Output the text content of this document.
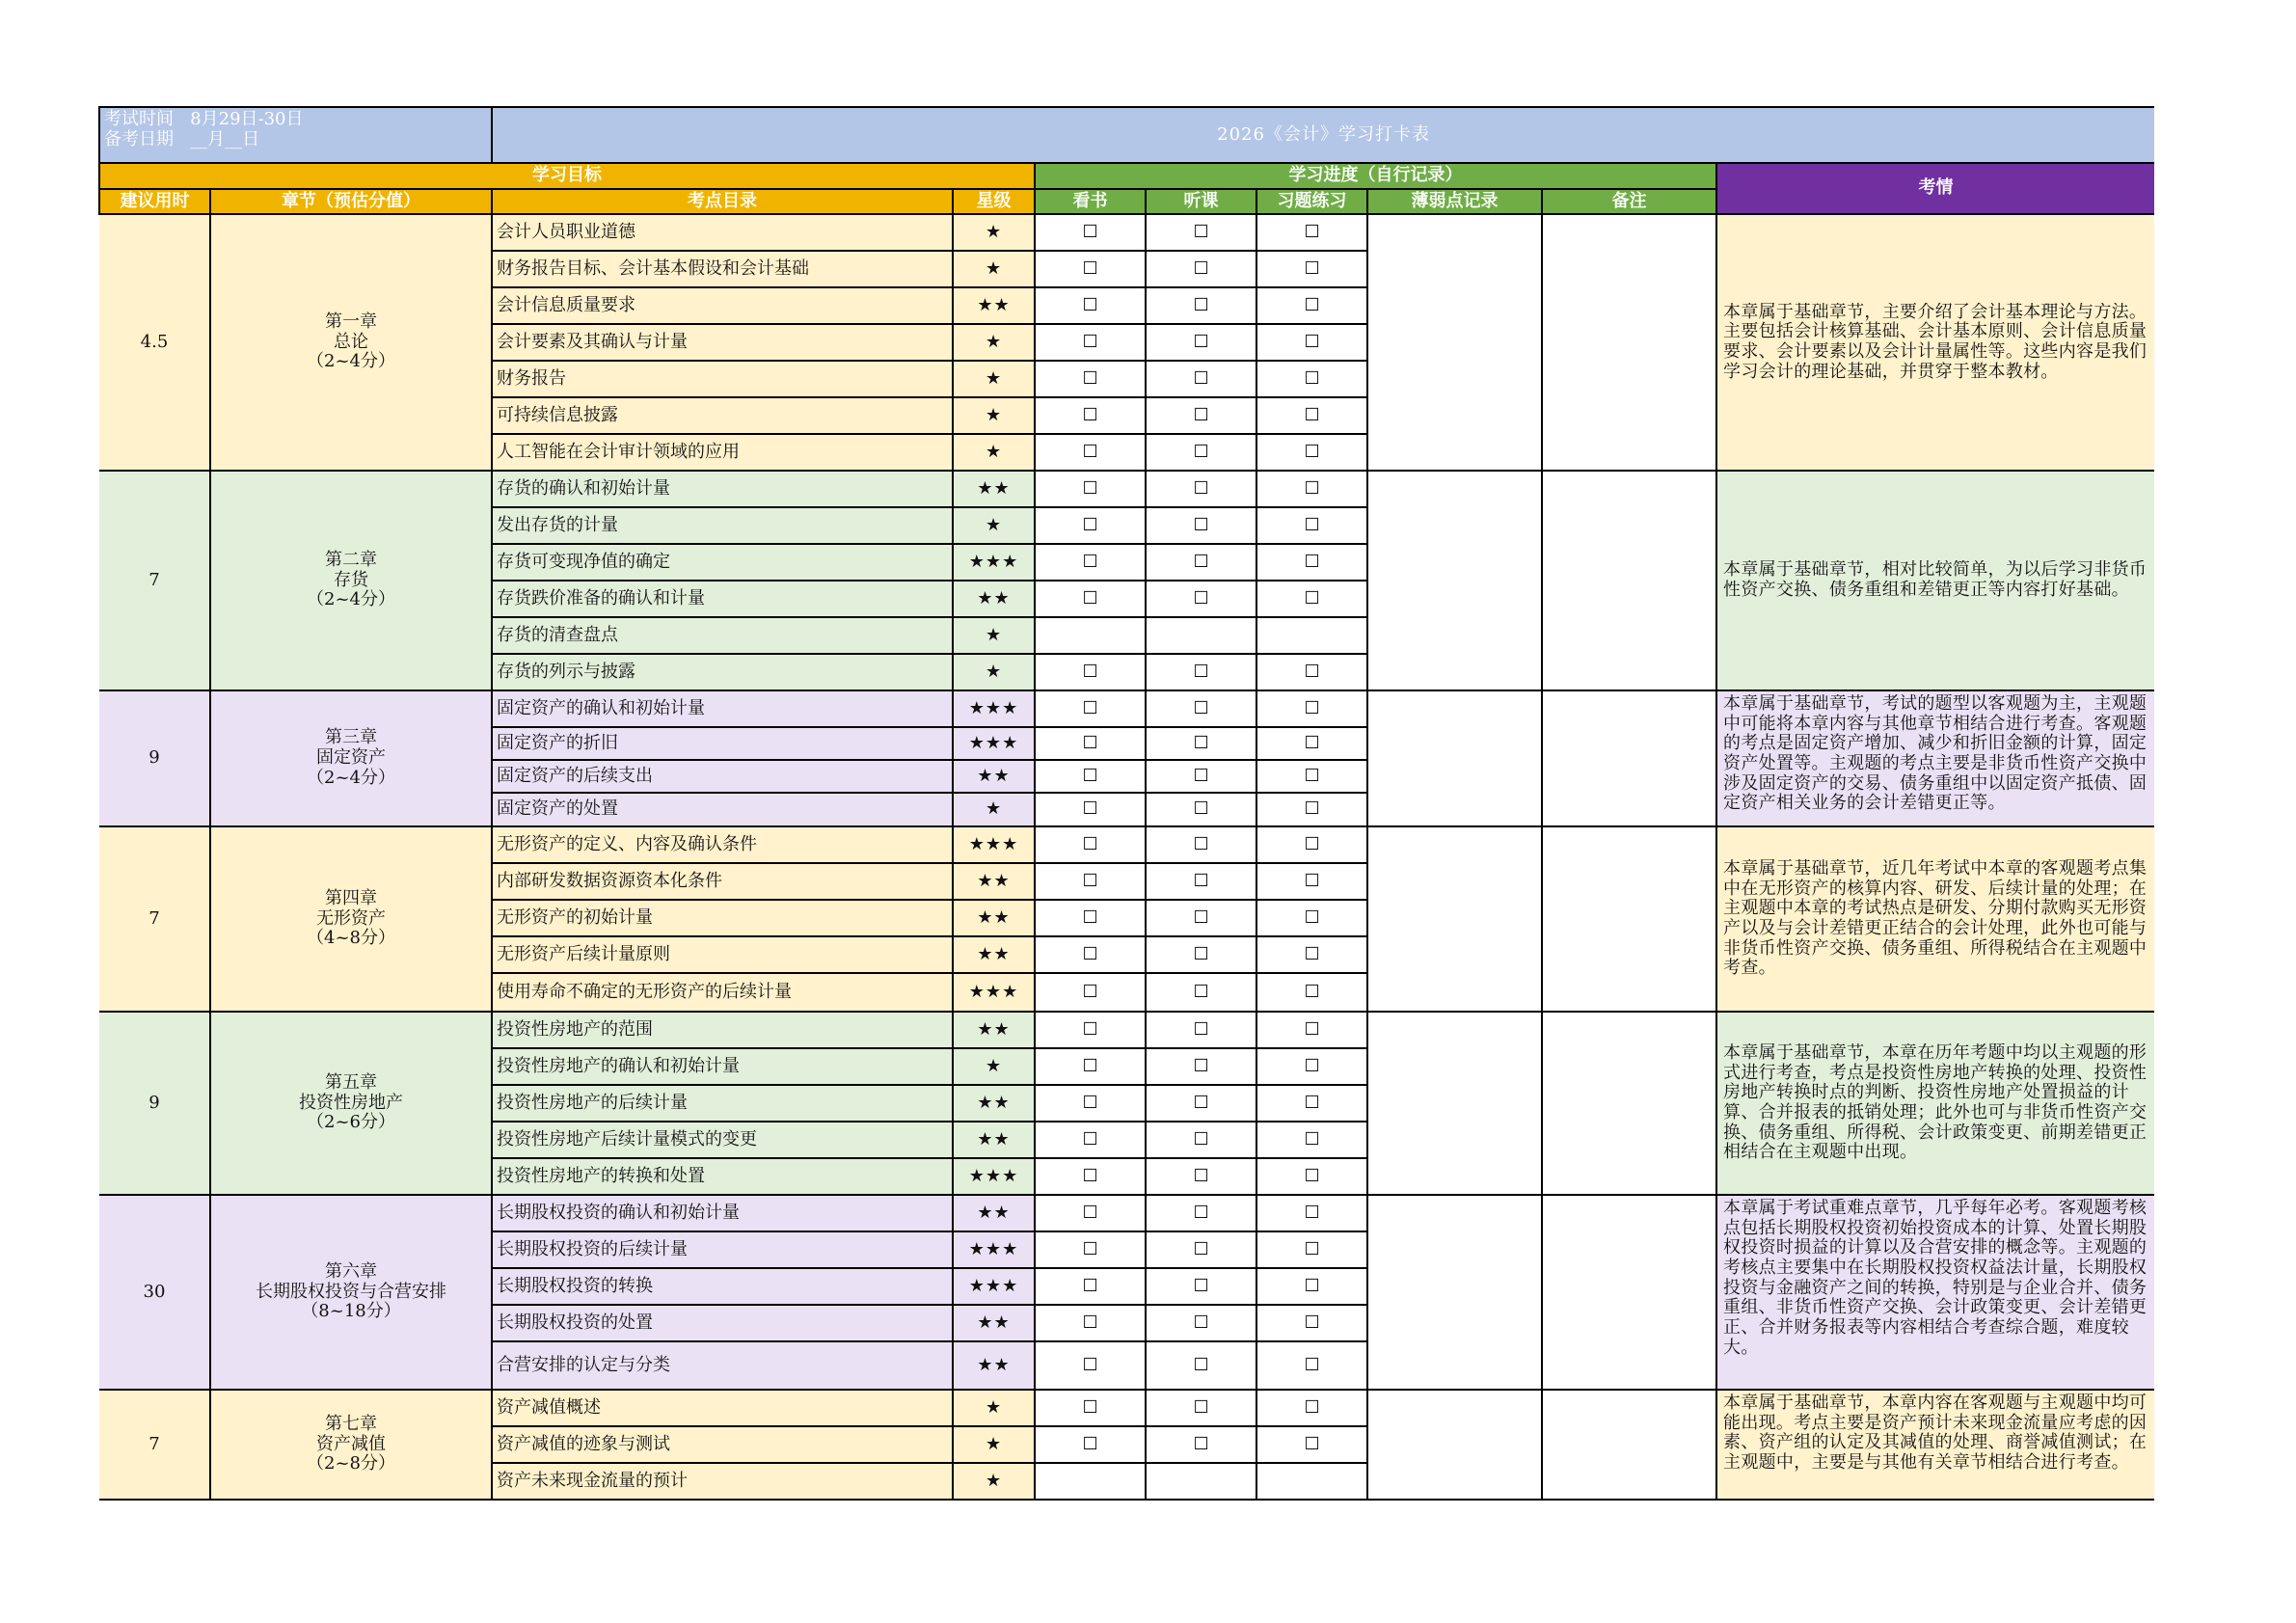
考试时间 8月29日-30日
备考日期 __月__日		2026《会计》学习打卡表							
学习目标				学习进度（自行记录）					考情
建议用时	章节（预估分值）	考点目录	星级	看书	听课	习题练习	薄弱点记录	备注	
4.5	第一章
总论
（2~4分）	会计人员职业道德	★	☐	☐	☐			本章属于基础章节，主要介绍了会计基本理论与方法。主要包括会计核算基础、会计基本原则、会计信息质量要求、会计要素以及会计计量属性等。这些内容是我们学习会计的理论基础，并贯穿于整本教材。

		财务报告目标、会计基本假设和会计基础	★	☐	☐	☐			
		会计信息质量要求	★★	☐	☐	☐			
		会计要素及其确认与计量	★	☐	☐	☐			
		财务报告	★	☐	☐	☐			
		可持续信息披露	★	☐	☐	☐			
		人工智能在会计审计领域的应用	★	☐	☐	☐			
7	第二章
存货
（2~4分）	存货的确认和初始计量	★★	☐	☐	☐			本章属于基础章节，相对比较简单，为以后学习非货币性资产交换、债务重组和差错更正等内容打好基础。

		发出存货的计量	★	☐	☐	☐			
		存货可变现净值的确定	★★★	☐	☐	☐			
		存货跌价准备的确认和计量	★★	☐	☐	☐			
		存货的清查盘点	★						
		存货的列示与披露	★	☐	☐	☐			
9	第三章
固定资产
（2~4分）	固定资产的确认和初始计量	★★★	☐	☐	☐			本章属于基础章节，考试的题型以客观题为主，主观题中可能将本章内容与其他章节相结合进行考查。客观题的考点是固定资产增加、减少和折旧金额的计算，固定资产处置等。主观题的考点主要是非货币性资产交换中涉及固定资产的交易、债务重组中以固定资产抵债、固定资产相关业务的会计差错更正等。

		固定资产的折旧	★★★	☐	☐	☐			
		固定资产的后续支出	★★	☐	☐	☐			
		固定资产的处置	★	☐	☐	☐			
7	第四章
无形资产
（4~8分）	无形资产的定义、内容及确认条件	★★★	☐	☐	☐			本章属于基础章节，近几年考试中本章的客观题考点集中在无形资产的核算内容、研发、后续计量的处理；在主观题中本章的考试热点是研发、分期付款购买无形资产以及与会计差错更正结合的会计处理，此外也可能与非货币性资产交换、债务重组、所得税结合在主观题中考查。

		内部研发数据资源资本化条件	★★	☐	☐	☐			
		无形资产的初始计量	★★	☐	☐	☐			
		无形资产后续计量原则	★★	☐	☐	☐			
		使用寿命不确定的无形资产的后续计量	★★★	☐	☐	☐			
9	第五章
投资性房地产
（2~6分）	投资性房地产的范围	★★	☐	☐	☐			本章属于基础章节，本章在历年考题中均以主观题的形式进行考查，考点是投资性房地产转换的处理、投资性房地产转换时点的判断、投资性房地产处置损益的计算、合并报表的抵销处理；此外也可与非货币性资产交换、债务重组、所得税、会计政策变更、前期差错更正相结合在主观题中出现。

		投资性房地产的确认和初始计量	★	☐	☐	☐			
		投资性房地产的后续计量	★★	☐	☐	☐			
		投资性房地产后续计量模式的变更	★★	☐	☐	☐			
		投资性房地产的转换和处置	★★★	☐	☐	☐			
30	第六章
长期股权投资与合营安排
（8~18分）	长期股权投资的确认和初始计量	★★	☐	☐	☐			本章属于考试重难点章节，几乎每年必考。客观题考核点包括长期股权投资初始投资成本的计算、处置长期股权投资时损益的计算以及合营安排的概念等。主观题的考核点主要集中在长期股权投资权益法计量，长期股权投资与金融资产之间的转换，特别是与企业合并、债务重组、非货币性资产交换、会计政策变更、会计差错更正、合并财务报表等内容相结合考查综合题，难度较大。

		长期股权投资的后续计量	★★★	☐	☐	☐			
		长期股权投资的转换	★★★	☐	☐	☐			
		长期股权投资的处置	★★	☐	☐	☐			
		合营安排的认定与分类	★★	☐	☐	☐			
7	第七章
资产减值
（2~8分）	资产减值概述	★	☐	☐	☐			本章属于基础章节，本章内容在客观题与主观题中均可能出现。考点主要是资产预计未来现金流量应考虑的因素、资产组的认定及其减值的处理、商誉减值测试；在主观题中，主要是与其他有关章节相结合进行考查。

		资产减值的迹象与测试	★	☐	☐	☐			
		资产未来现金流量的预计	★						
